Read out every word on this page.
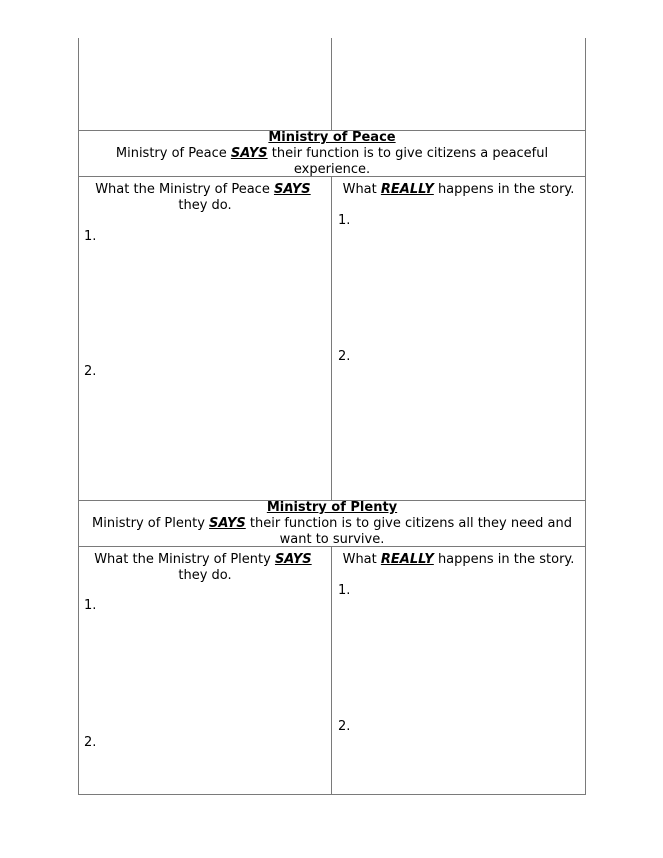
Ministry of Peace
Ministry of Peace SAYS their function is to give citizens a peaceful
experience.
What the Ministry of Peace SAYS
they do.
1.
2.
What REALLY happens in the story.
1.
2.
Ministry of Plenty
Ministry of Plenty SAYS their function is to give citizens all they need and
want to survive.
What the Ministry of Plenty SAYS
they do.
1.
2.
What REALLY happens in the story.
1.
2.
